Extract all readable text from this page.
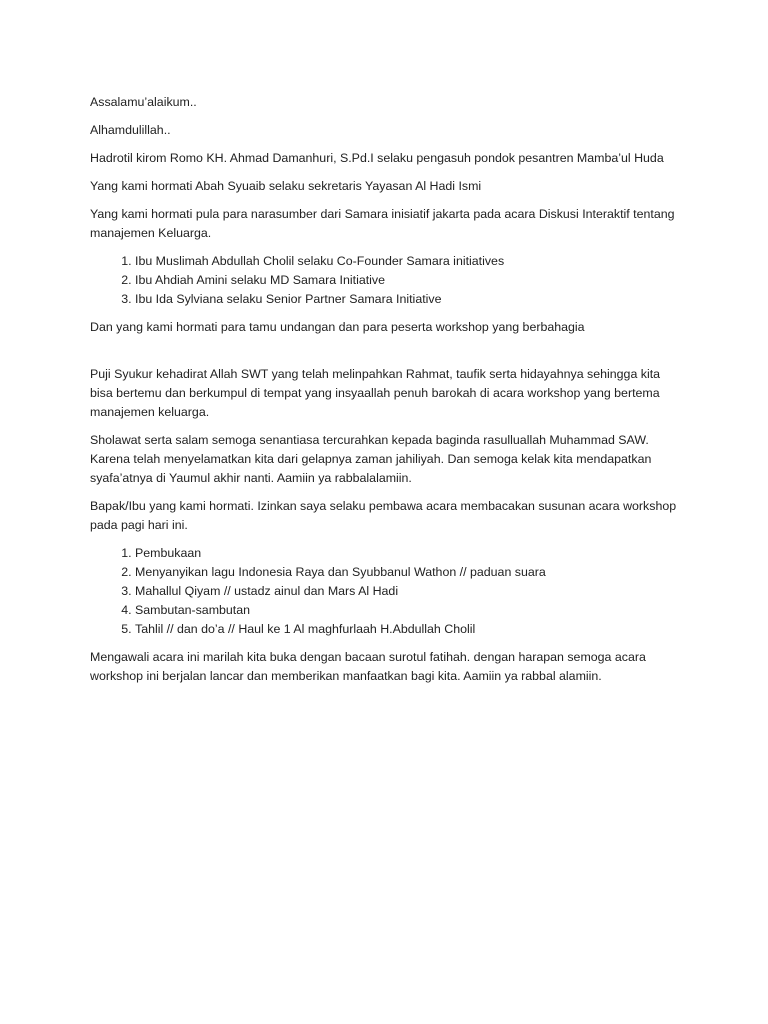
Assalamu’alaikum..

Alhamdulillah..

Hadrotil kirom Romo KH. Ahmad Damanhuri, S.Pd.I selaku pengasuh pondok pesantren Mamba’ul Huda

Yang kami hormati Abah Syuaib selaku sekretaris Yayasan Al Hadi Ismi

Yang kami hormati pula para narasumber dari Samara inisiatif jakarta pada acara Diskusi Interaktif tentang manajemen Keluarga.

1. Ibu Muslimah Abdullah Cholil selaku Co-Founder Samara initiatives
2. Ibu Ahdiah Amini selaku MD Samara Initiative
3. Ibu Ida Sylviana selaku Senior Partner Samara Initiative

Dan yang kami hormati para tamu undangan dan para peserta workshop yang berbahagia

Puji Syukur kehadirat Allah SWT yang telah melinpahkan Rahmat, taufik serta hidayahnya sehingga kita bisa bertemu dan berkumpul di tempat yang insyaallah penuh barokah di acara workshop yang bertema manajemen keluarga.

Sholawat serta salam semoga senantiasa tercurahkan kepada baginda rasulluallah Muhammad SAW. Karena telah menyelamatkan kita dari gelapnya zaman jahiliyah. Dan semoga kelak kita mendapatkan syafa’atnya di Yaumul akhir nanti. Aamiin ya rabbalalamiin.

Bapak/Ibu yang kami hormati. Izinkan saya selaku pembawa acara membacakan susunan acara workshop pada pagi hari ini.

1. Pembukaan
2. Menyanyikan lagu Indonesia Raya dan Syubbanul Wathon // paduan suara
3. Mahallul Qiyam // ustadz ainul dan Mars Al Hadi
4. Sambutan-sambutan
5. Tahlil // dan do’a // Haul ke 1 Al maghfurlaah H.Abdullah Cholil

Mengawali acara ini marilah kita buka dengan bacaan surotul fatihah. dengan harapan semoga acara workshop ini berjalan lancar dan memberikan manfaatkan bagi kita. Aamiin ya rabbal alamiin.
